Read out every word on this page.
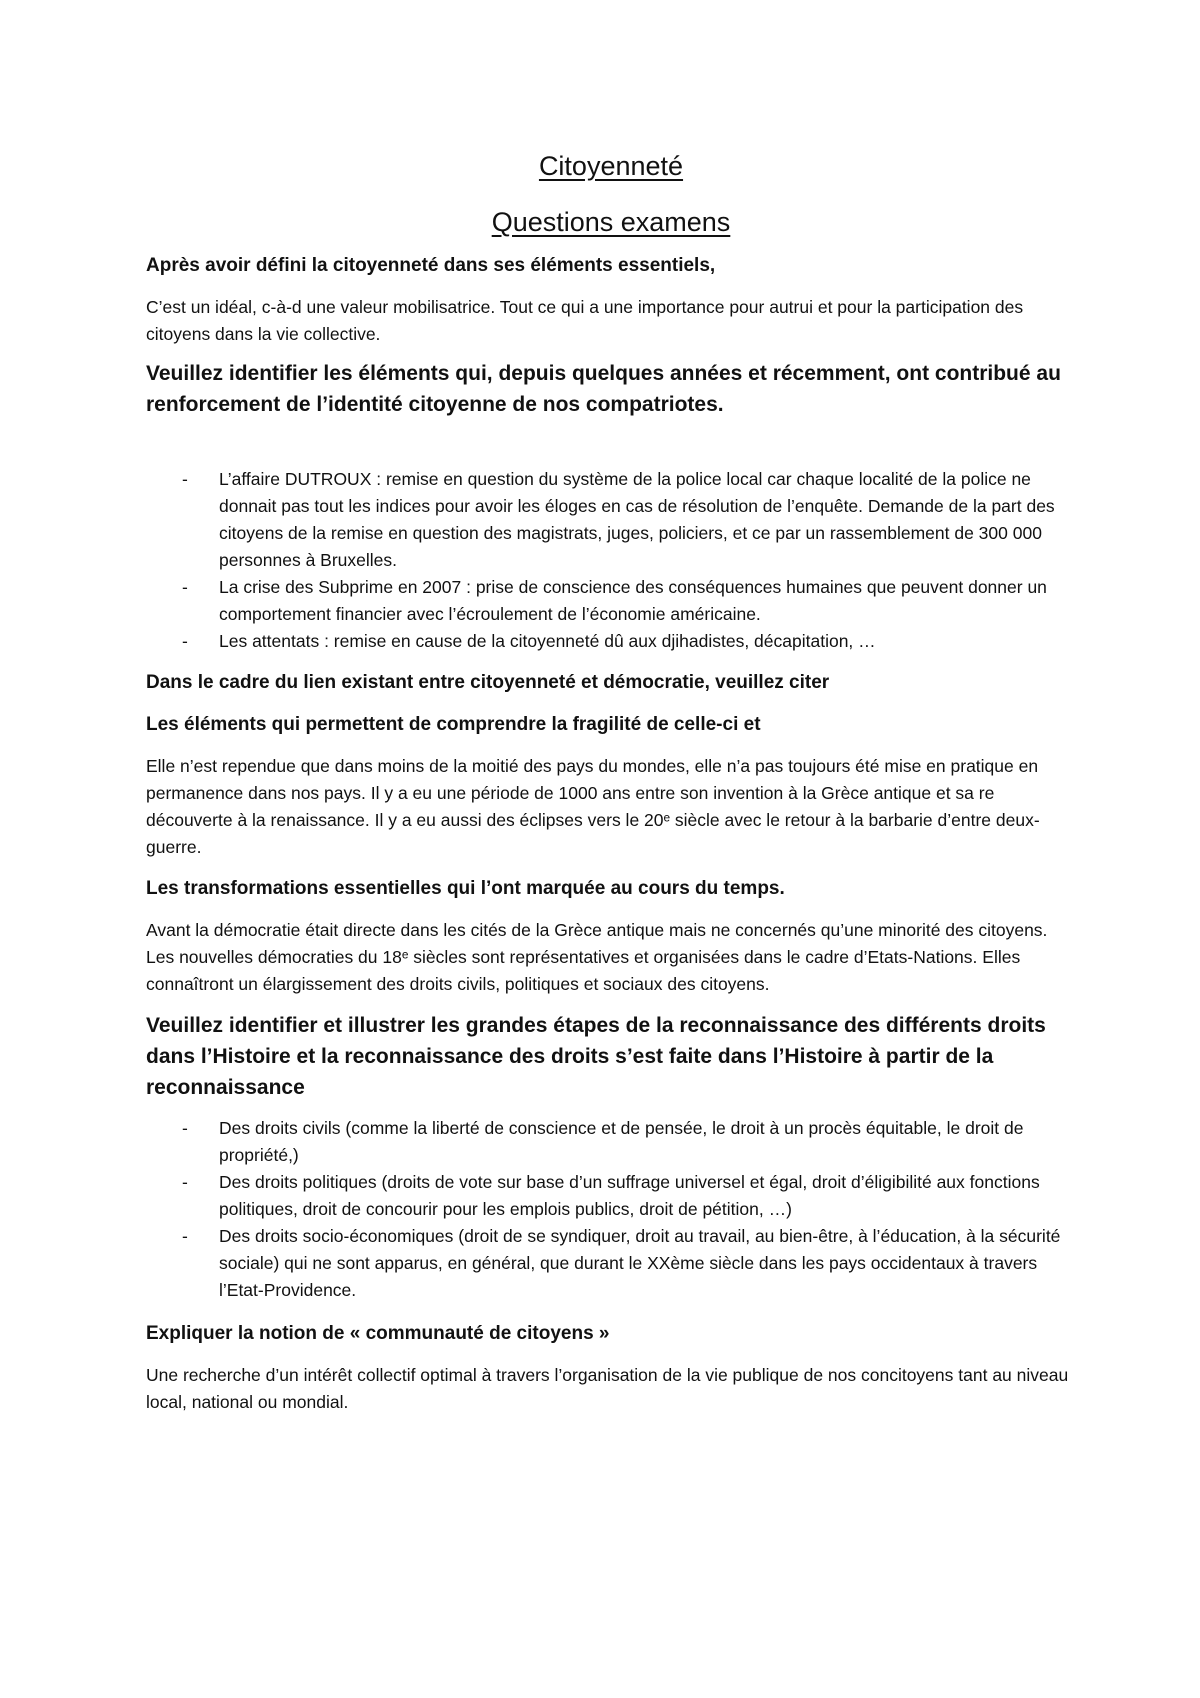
Citoyenneté
Questions examens

Après avoir défini la citoyenneté dans ses éléments essentiels,

C’est un idéal, c-à-d une valeur mobilisatrice. Tout ce qui a une importance pour autrui et pour la participation des citoyens dans la vie collective.

Veuillez identifier les éléments qui, depuis quelques années et récemment, ont contribué au renforcement de l’identité citoyenne de nos compatriotes.

- L’affaire DUTROUX : remise en question du système de la police local car chaque localité de la police ne donnait pas tout les indices pour avoir les éloges en cas de résolution de l’enquête. Demande de la part des citoyens de la remise en question des magistrats, juges, policiers, et ce par un rassemblement de 300 000 personnes à Bruxelles.
- La crise des Subprime en 2007 : prise de conscience des conséquences humaines que peuvent donner un comportement financier avec l’écroulement de l’économie américaine.
- Les attentats : remise en cause de la citoyenneté dû aux djihadistes, décapitation, …

Dans le cadre du lien existant entre citoyenneté et démocratie, veuillez citer

Les éléments qui permettent de comprendre la fragilité de celle-ci et

Elle n’est rependue que dans moins de la moitié des pays du mondes, elle n’a pas toujours été mise en pratique en permanence dans nos pays. Il y a eu une période de 1000 ans entre son invention à la Grèce antique et sa re découverte à la renaissance. Il y a eu aussi des éclipses vers le 20ᵉ siècle avec le retour à la barbarie d’entre deux-guerre.

Les transformations essentielles qui l’ont marquée au cours du temps.

Avant la démocratie était directe dans les cités de la Grèce antique mais ne concernés qu’une minorité des citoyens. Les nouvelles démocraties du 18ᵉ siècles sont représentatives et organisées dans le cadre d’Etats-Nations. Elles connaîtront un élargissement des droits civils, politiques et sociaux des citoyens.

Veuillez identifier et illustrer les grandes étapes de la reconnaissance des différents droits dans l’Histoire et la reconnaissance des droits s’est faite dans l’Histoire à partir de la reconnaissance

- Des droits civils (comme la liberté de conscience et de pensée, le droit à un procès équitable, le droit de propriété,)
- Des droits politiques (droits de vote sur base d’un suffrage universel et égal, droit d’éligibilité aux fonctions politiques, droit de concourir pour les emplois publics, droit de pétition, …)
- Des droits socio-économiques (droit de se syndiquer, droit au travail, au bien-être, à l’éducation, à la sécurité sociale) qui ne sont apparus, en général, que durant le XXème siècle dans les pays occidentaux à travers l’Etat-Providence.

Expliquer la notion de « communauté de citoyens »

Une recherche d’un intérêt collectif optimal à travers l’organisation de la vie publique de nos concitoyens tant au niveau local, national ou mondial.
